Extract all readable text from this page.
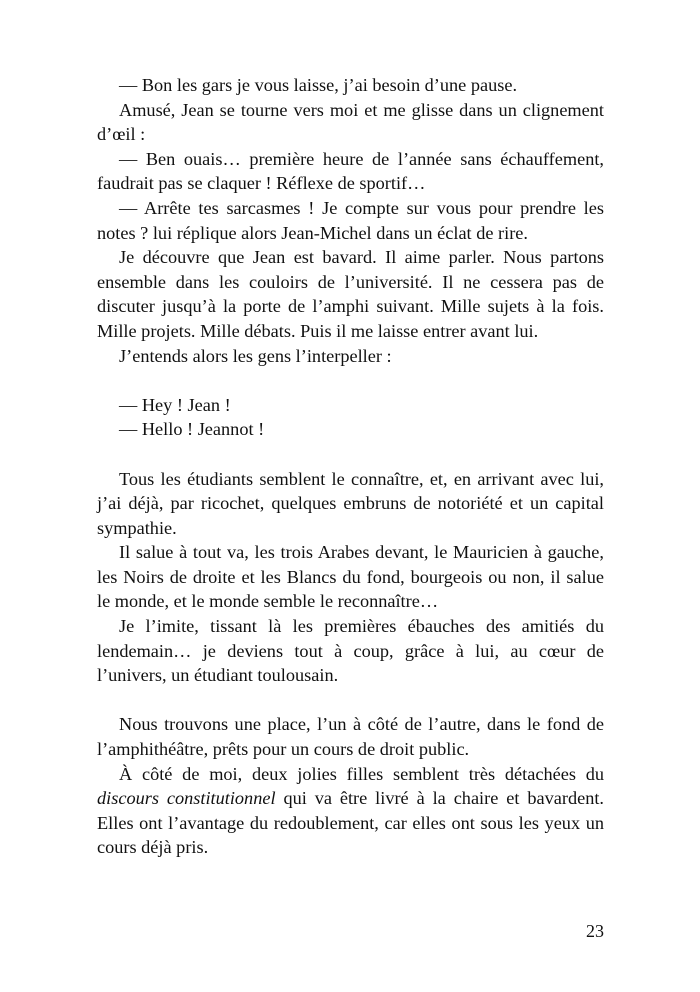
— Bon les gars je vous laisse, j’ai besoin d’une pause.

Amusé, Jean se tourne vers moi et me glisse dans un clignement d’œil :

— Ben ouais… première heure de l’année sans échauffement, faudrait pas se claquer ! Réflexe de sportif…

— Arrête tes sarcasmes ! Je compte sur vous pour prendre les notes ? lui réplique alors Jean-Michel dans un éclat de rire.

Je découvre que Jean est bavard. Il aime parler. Nous partons ensemble dans les couloirs de l’université. Il ne cessera pas de discuter jusqu’à la porte de l’amphi suivant. Mille sujets à la fois. Mille projets. Mille débats. Puis il me laisse entrer avant lui.

J’entends alors les gens l’interpeller :

— Hey ! Jean !

— Hello ! Jeannot !

Tous les étudiants semblent le connaître, et, en arrivant avec lui, j’ai déjà, par ricochet, quelques embruns de notoriété et un capital sympathie.

Il salue à tout va, les trois Arabes devant, le Mauricien à gauche, les Noirs de droite et les Blancs du fond, bourgeois ou non, il salue le monde, et le monde semble le reconnaître…

Je l’imite, tissant là les premières ébauches des amitiés du lendemain… je deviens tout à coup, grâce à lui, au cœur de l’univers, un étudiant toulousain.

Nous trouvons une place, l’un à côté de l’autre, dans le fond de l’amphithéâtre, prêts pour un cours de droit public.

À côté de moi, deux jolies filles semblent très détachées du discours constitutionnel qui va être livré à la chaire et bavardent. Elles ont l’avantage du redoublement, car elles ont sous les yeux un cours déjà pris.

23
